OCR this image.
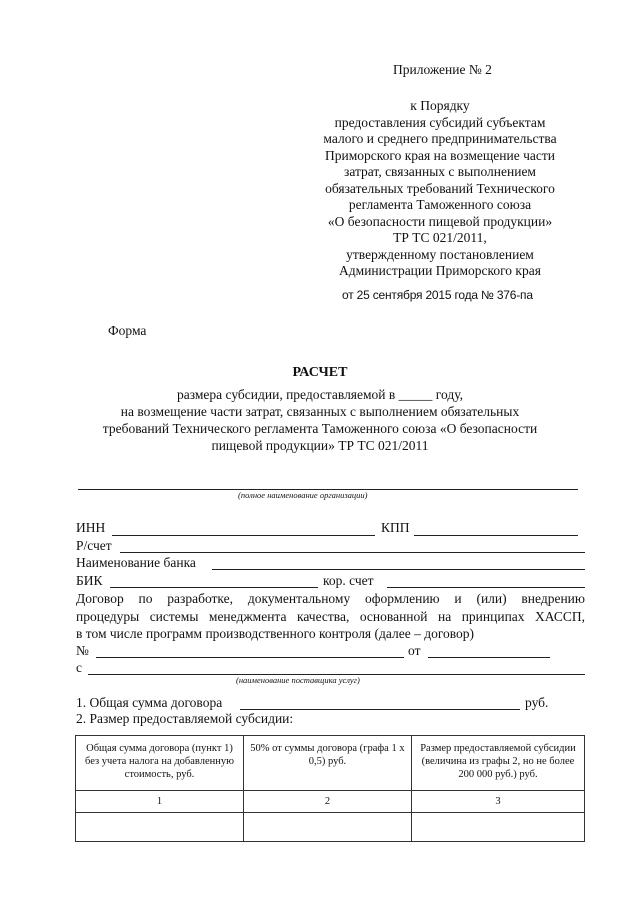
Приложение № 2
к Порядку
предоставления субсидий субъектам
малого и среднего предпринимательства
Приморского края на возмещение части
затрат, связанных с выполнением
обязательных требований Технического
регламента Таможенного союза
«О безопасности пищевой продукции»
ТР ТС 021/2011,
утвержденному постановлением
Администрации Приморского края
от 25 сентября 2015 года № 376-па
Форма
РАСЧЕТ
размера субсидии, предоставляемой в _____ году,
на возмещение части затрат, связанных с выполнением обязательных
требований Технического регламента Таможенного союза «О безопасности
пищевой продукции» ТР ТС 021/2011
(полное наименование организации)
ИНН	КПП
Р/счет
Наименование банка
БИК	кор. счет
Договор по разработке, документальному оформлению и (или) внедрению
процедуры системы менеджмента качества, основанной на принципах ХАССП,
в том числе программ производственного контроля (далее – договор)
№	от
с
(наименование поставщика услуг)
1. Общая сумма договора	руб.
2. Размер предоставляемой субсидии:
Общая сумма договора (пункт 1) без учета налога на добавленную стоимость, руб.	50% от суммы договора (графа 1 х 0,5) руб.	Размер предоставляемой субсидии (величина из графы 2, но не более 200 000 руб.) руб.
1	2	3
